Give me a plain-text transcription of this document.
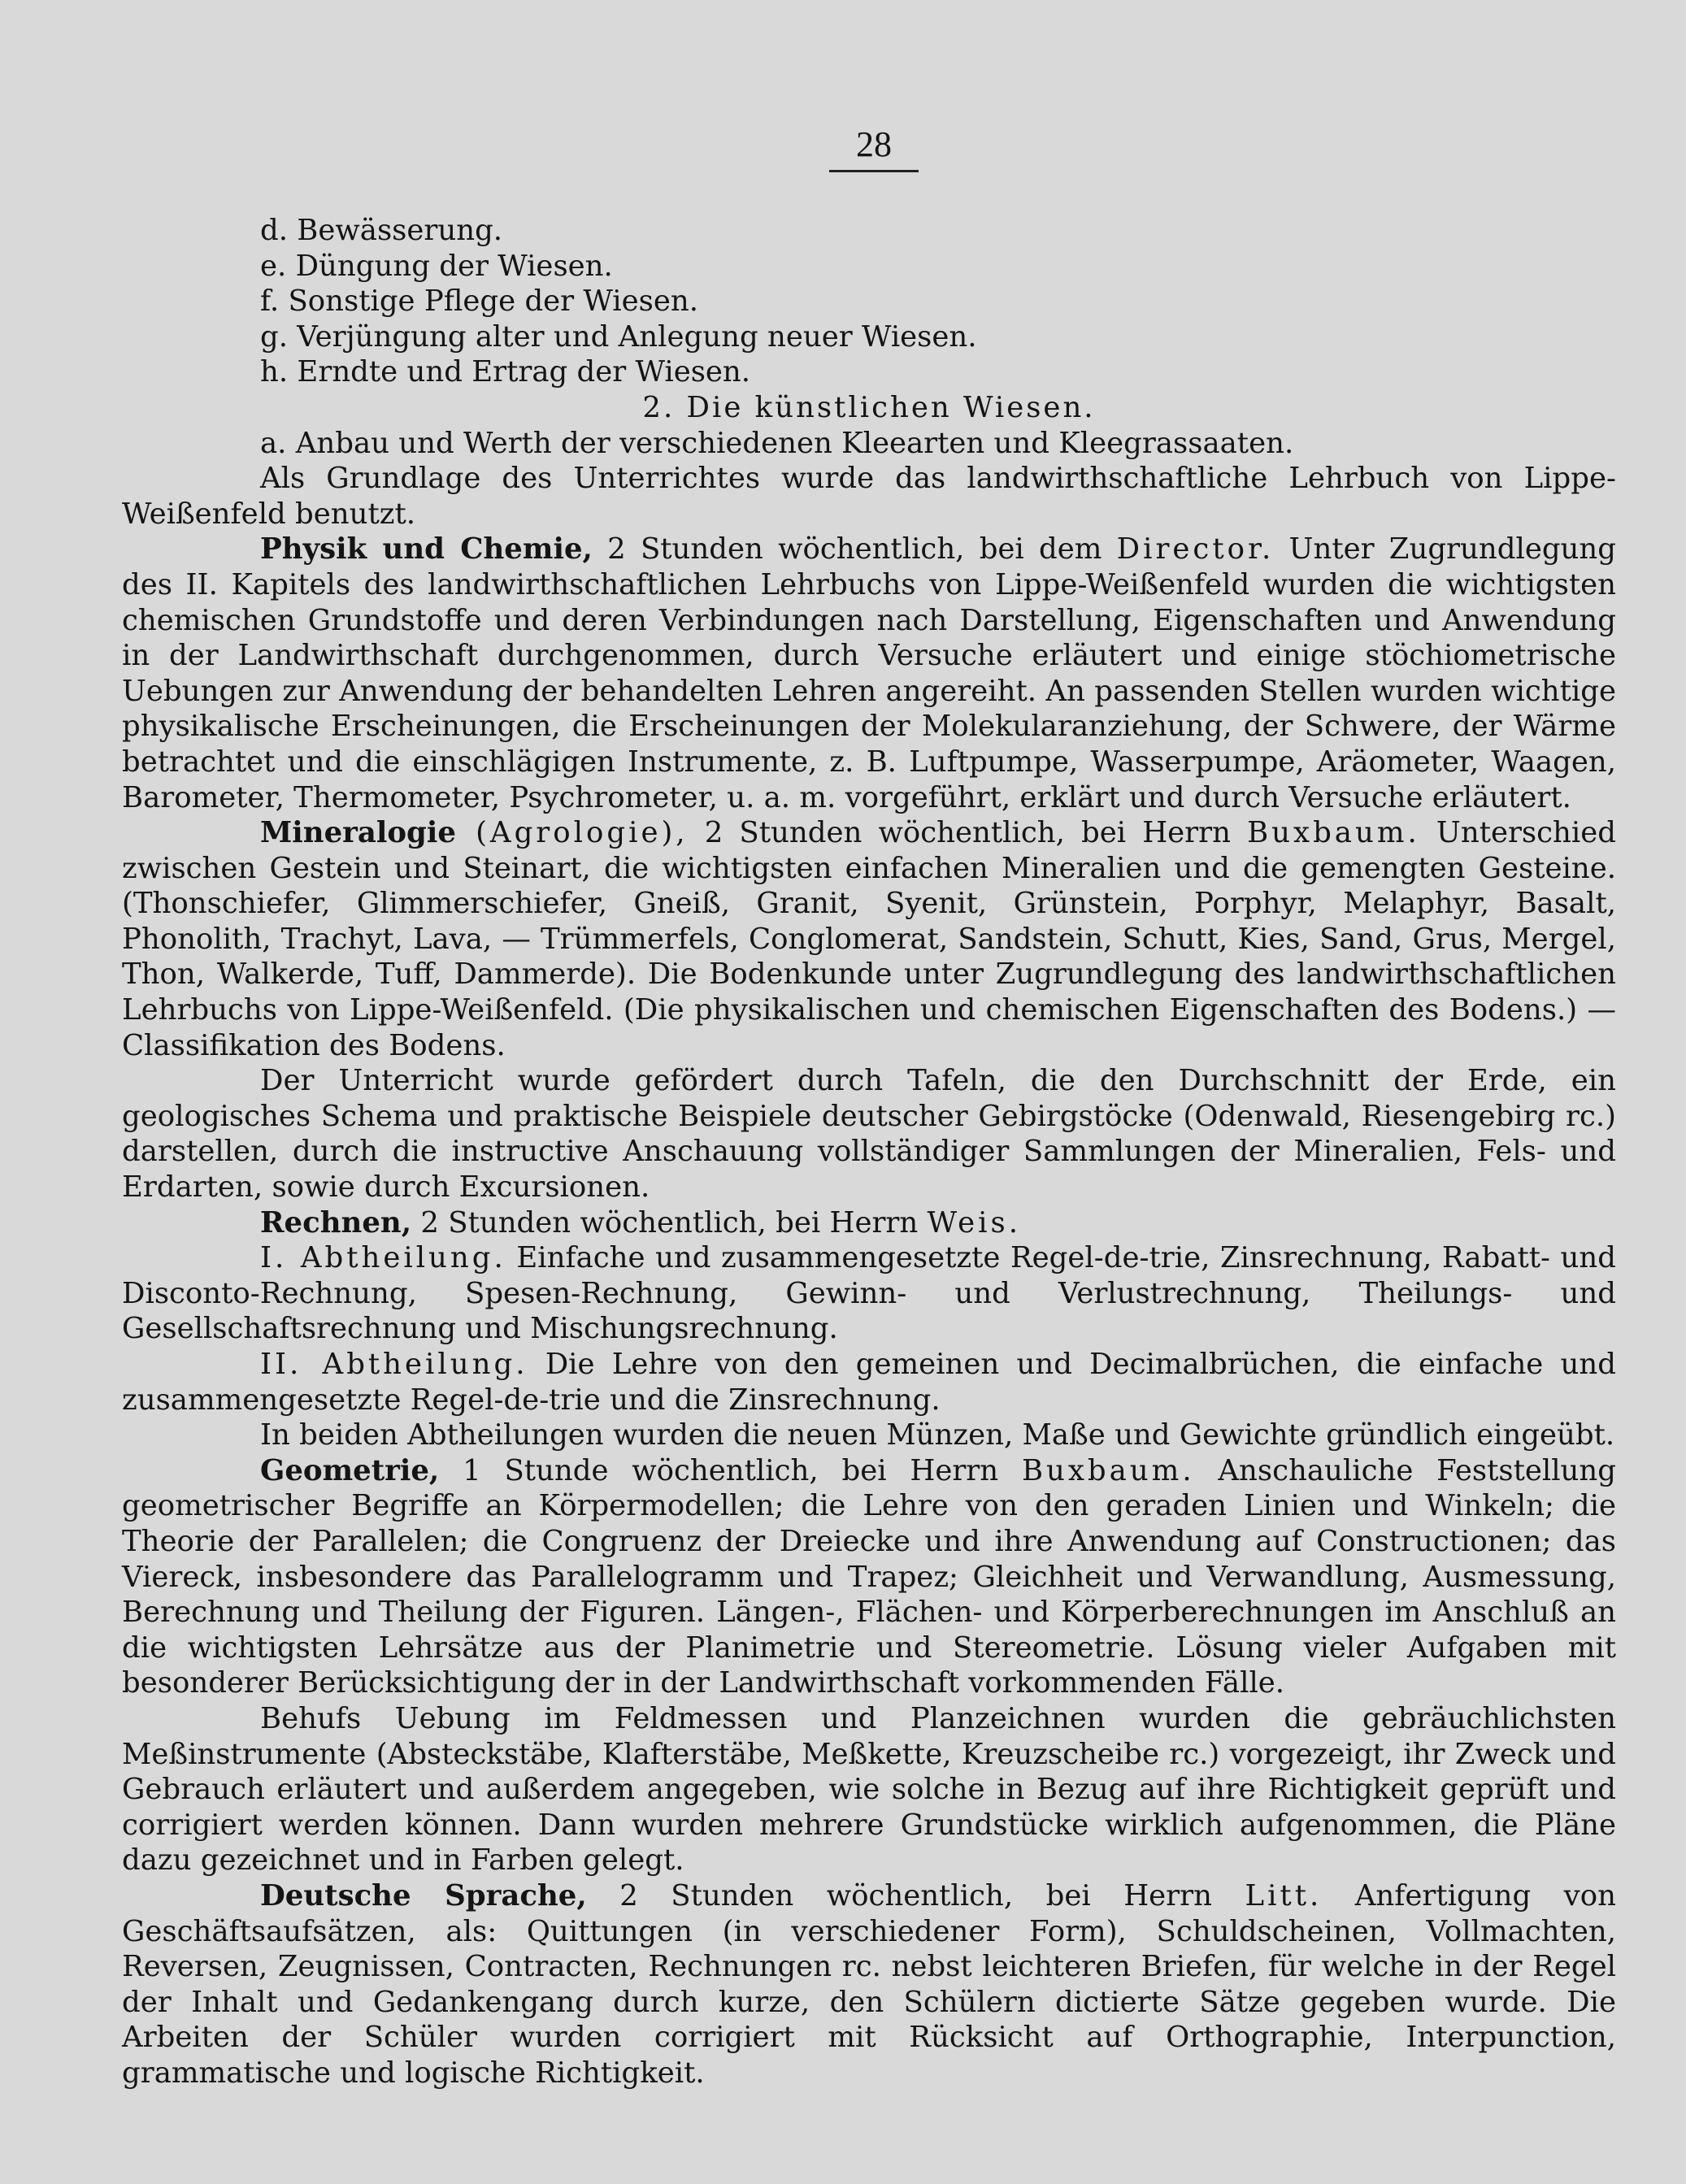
28

d. Bewässerung.

e. Düngung der Wiesen.

f. Sonstige Pflege der Wiesen.

g. Verjüngung alter und Anlegung neuer Wiesen.

h. Erndte und Ertrag der Wiesen.

2. Die künstlichen Wiesen.

a. Anbau und Werth der verschiedenen Kleearten und Kleegrassaaten.

Als Grundlage des Unterrichtes wurde das landwirthschaftliche Lehrbuch von Lippe-Weißenfeld benutzt.

Physik und Chemie, 2 Stunden wöchentlich, bei dem Director. Unter Zugrundlegung des II. Kapitels des landwirthschaftlichen Lehrbuchs von Lippe-Weißenfeld wurden die wichtigsten chemischen Grundstoffe und deren Verbindungen nach Darstellung, Eigenschaften und Anwendung in der Landwirthschaft durchgenommen, durch Versuche erläutert und einige stöchiometrische Uebungen zur Anwendung der behandelten Lehren angereiht. An passenden Stellen wurden wichtige physikalische Erscheinungen, die Erscheinungen der Molekularanziehung, der Schwere, der Wärme betrachtet und die einschlägigen Instrumente, z. B. Luftpumpe, Wasserpumpe, Aräometer, Waagen, Barometer, Thermometer, Psychrometer, u. a. m. vorgeführt, erklärt und durch Versuche erläutert.

Mineralogie (Agrologie), 2 Stunden wöchentlich, bei Herrn Buxbaum. Unterschied zwischen Gestein und Steinart, die wichtigsten einfachen Mineralien und die gemengten Gesteine. (Thonschiefer, Glimmerschiefer, Gneiß, Granit, Syenit, Grünstein, Porphyr, Melaphyr, Basalt, Phonolith, Trachyt, Lava, — Trümmerfels, Conglomerat, Sandstein, Schutt, Kies, Sand, Grus, Mergel, Thon, Walkerde, Tuff, Dammerde). Die Bodenkunde unter Zugrundlegung des landwirthschaftlichen Lehrbuchs von Lippe-Weißenfeld. (Die physikalischen und chemischen Eigenschaften des Bodens.) — Classifikation des Bodens.

Der Unterricht wurde gefördert durch Tafeln, die den Durchschnitt der Erde, ein geologisches Schema und praktische Beispiele deutscher Gebirgstöcke (Odenwald, Riesengebirg rc.) darstellen, durch die instructive Anschauung vollständiger Sammlungen der Mineralien, Fels- und Erdarten, sowie durch Excursionen.

Rechnen, 2 Stunden wöchentlich, bei Herrn Weis.

I. Abtheilung. Einfache und zusammengesetzte Regel-de-trie, Zinsrechnung, Rabatt- und Disconto-Rechnung, Spesen-Rechnung, Gewinn- und Verlustrechnung, Theilungs- und Gesellschaftsrechnung und Mischungsrechnung.

II. Abtheilung. Die Lehre von den gemeinen und Decimalbrüchen, die einfache und zusammengesetzte Regel-de-trie und die Zinsrechnung.

In beiden Abtheilungen wurden die neuen Münzen, Maße und Gewichte gründlich eingeübt.

Geometrie, 1 Stunde wöchentlich, bei Herrn Buxbaum. Anschauliche Feststellung geometrischer Begriffe an Körpermodellen; die Lehre von den geraden Linien und Winkeln; die Theorie der Parallelen; die Congruenz der Dreiecke und ihre Anwendung auf Constructionen; das Viereck, insbesondere das Parallelogramm und Trapez; Gleichheit und Verwandlung, Ausmessung, Berechnung und Theilung der Figuren. Längen-, Flächen- und Körperberechnungen im Anschluß an die wichtigsten Lehrsätze aus der Planimetrie und Stereometrie. Lösung vieler Aufgaben mit besonderer Berücksichtigung der in der Landwirthschaft vorkommenden Fälle.

Behufs Uebung im Feldmessen und Planzeichnen wurden die gebräuchlichsten Meßinstrumente (Absteckstäbe, Klafterstäbe, Meßkette, Kreuzscheibe rc.) vorgezeigt, ihr Zweck und Gebrauch erläutert und außerdem angegeben, wie solche in Bezug auf ihre Richtigkeit geprüft und corrigiert werden können. Dann wurden mehrere Grundstücke wirklich aufgenommen, die Pläne dazu gezeichnet und in Farben gelegt.

Deutsche Sprache, 2 Stunden wöchentlich, bei Herrn Litt. Anfertigung von Geschäftsaufsätzen, als: Quittungen (in verschiedener Form), Schuldscheinen, Vollmachten, Reversen, Zeugnissen, Contracten, Rechnungen rc. nebst leichteren Briefen, für welche in der Regel der Inhalt und Gedankengang durch kurze, den Schülern dictierte Sätze gegeben wurde. Die Arbeiten der Schüler wurden corrigiert mit Rücksicht auf Orthographie, Interpunction, grammatische und logische Richtigkeit.
